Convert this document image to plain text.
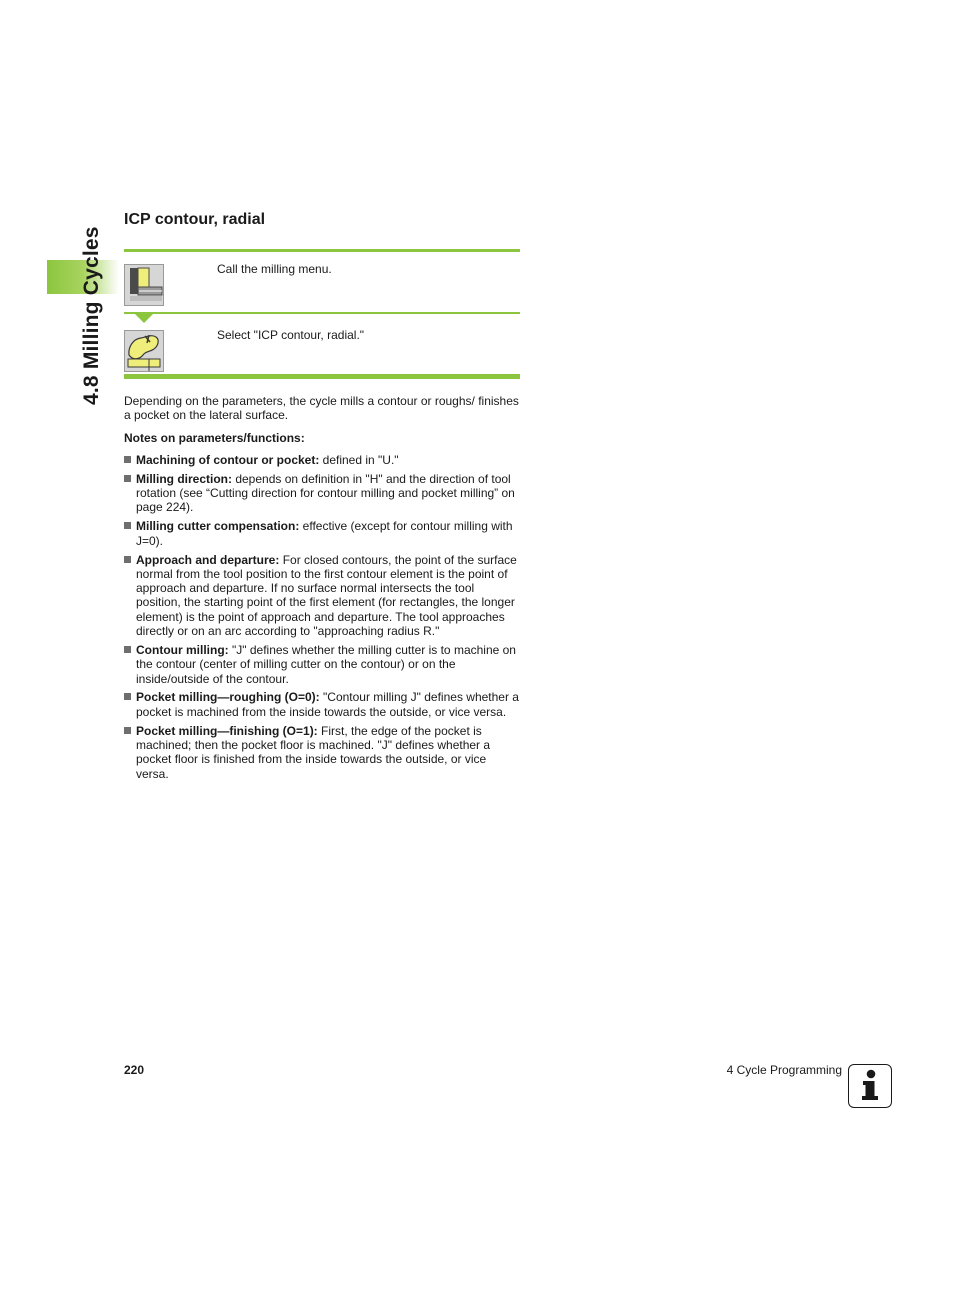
4.8 Milling Cycles
ICP contour, radial
Call the milling menu.
Select "ICP contour, radial."

Depending on the parameters, the cycle mills a contour or roughs/ finishes a pocket on the lateral surface.

Notes on parameters/functions:

Machining of contour or pocket: defined in "U."
Milling direction: depends on definition in "H" and the direction of tool rotation (see “Cutting direction for contour milling and pocket milling” on page 224).
Milling cutter compensation: effective (except for contour milling with J=0).
Approach and departure: For closed contours, the point of the surface normal from the tool position to the first contour element is the point of approach and departure. If no surface normal intersects the tool position, the starting point of the first element (for rectangles, the longer element) is the point of approach and departure. The tool approaches directly or on an arc according to "approaching radius R."
Contour milling: "J" defines whether the milling cutter is to machine on the contour (center of milling cutter on the contour) or on the inside/outside of the contour.
Pocket milling—roughing (O=0): "Contour milling J" defines whether a pocket is machined from the inside towards the outside, or vice versa.
Pocket milling—finishing (O=1): First, the edge of the pocket is machined; then the pocket floor is machined. "J" defines whether a pocket floor is finished from the inside towards the outside, or vice versa.
220	4 Cycle Programming
